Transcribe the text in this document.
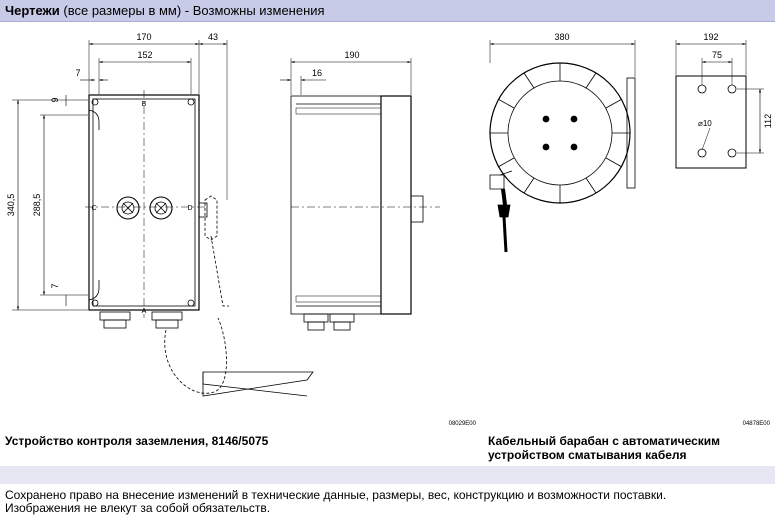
Чертежи (все размеры в мм) - Возможны изменения
170	43
152
7
9
340,5 288,5
7
190
16
B
C	D
A
08029E00
380	192
75
112
⌀10
04878E00
Устройство контроля заземления, 8146/5075	Кабельный барабан с автоматическим
устройством сматывания кабеля
Сохранено право на внесение изменений в технические данные, размеры, вес, конструкцию и возможности поставки.
Изображения не влекут за собой обязательств.
